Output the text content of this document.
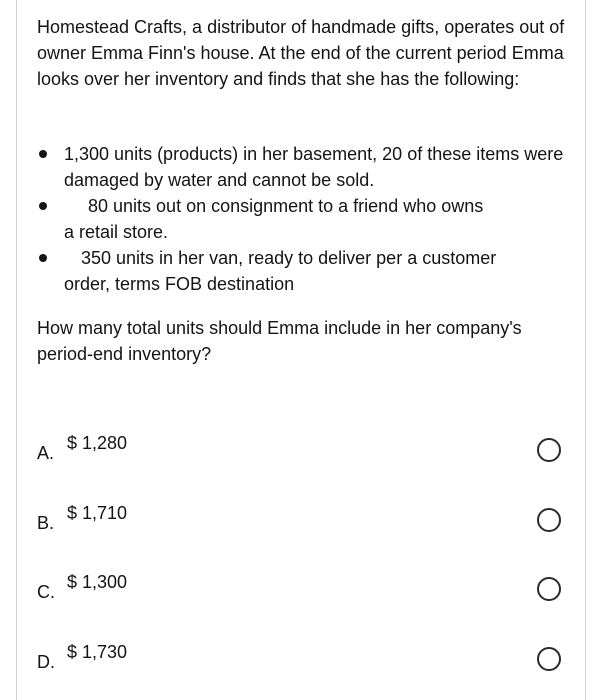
Homestead Crafts, a distributor of handmade gifts, operates out of owner Emma Finn's house. At the end of the current period Emma looks over her inventory and finds that she has the following:

1,300 units (products) in her basement, 20 of these items were damaged by water and cannot be sold.
80 units out on consignment to a friend who owns
a retail store.
350 units in her van, ready to deliver per a customer
order, terms FOB destination

How many total units should Emma include in her company's period-end inventory?

A. $ 1,280
B. $ 1,710
C. $ 1,300
D. $ 1,730
